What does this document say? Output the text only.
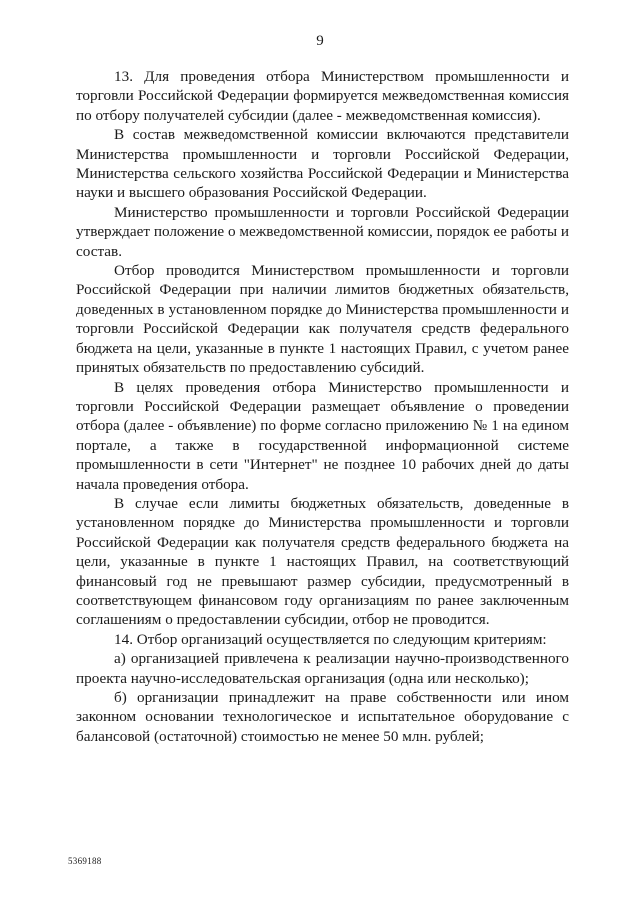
9

13. Для проведения отбора Министерством промышленности и торговли Российской Федерации формируется межведомственная комиссия по отбору получателей субсидии (далее - межведомственная комиссия).

В состав межведомственной комиссии включаются представители Министерства промышленности и торговли Российской Федерации, Министерства сельского хозяйства Российской Федерации и Министерства науки и высшего образования Российской Федерации.

Министерство промышленности и торговли Российской Федерации утверждает положение о межведомственной комиссии, порядок ее работы и состав.

Отбор проводится Министерством промышленности и торговли Российской Федерации при наличии лимитов бюджетных обязательств, доведенных в установленном порядке до Министерства промышленности и торговли Российской Федерации как получателя средств федерального бюджета на цели, указанные в пункте 1 настоящих Правил, с учетом ранее принятых обязательств по предоставлению субсидий.

В целях проведения отбора Министерство промышленности и торговли Российской Федерации размещает объявление о проведении отбора (далее - объявление) по форме согласно приложению № 1 на едином портале, а также в государственной информационной системе промышленности в сети "Интернет" не позднее 10 рабочих дней до даты начала проведения отбора.

В случае если лимиты бюджетных обязательств, доведенные в установленном порядке до Министерства промышленности и торговли Российской Федерации как получателя средств федерального бюджета на цели, указанные в пункте 1 настоящих Правил, на соответствующий финансовый год не превышают размер субсидии, предусмотренный в соответствующем финансовом году организациям по ранее заключенным соглашениям о предоставлении субсидии, отбор не проводится.

14. Отбор организаций осуществляется по следующим критериям:

а) организацией привлечена к реализации научно-производственного проекта научно-исследовательская организация (одна или несколько);

б) организации принадлежит на праве собственности или ином законном основании технологическое и испытательное оборудование с балансовой (остаточной) стоимостью не менее 50 млн. рублей;

5369188
